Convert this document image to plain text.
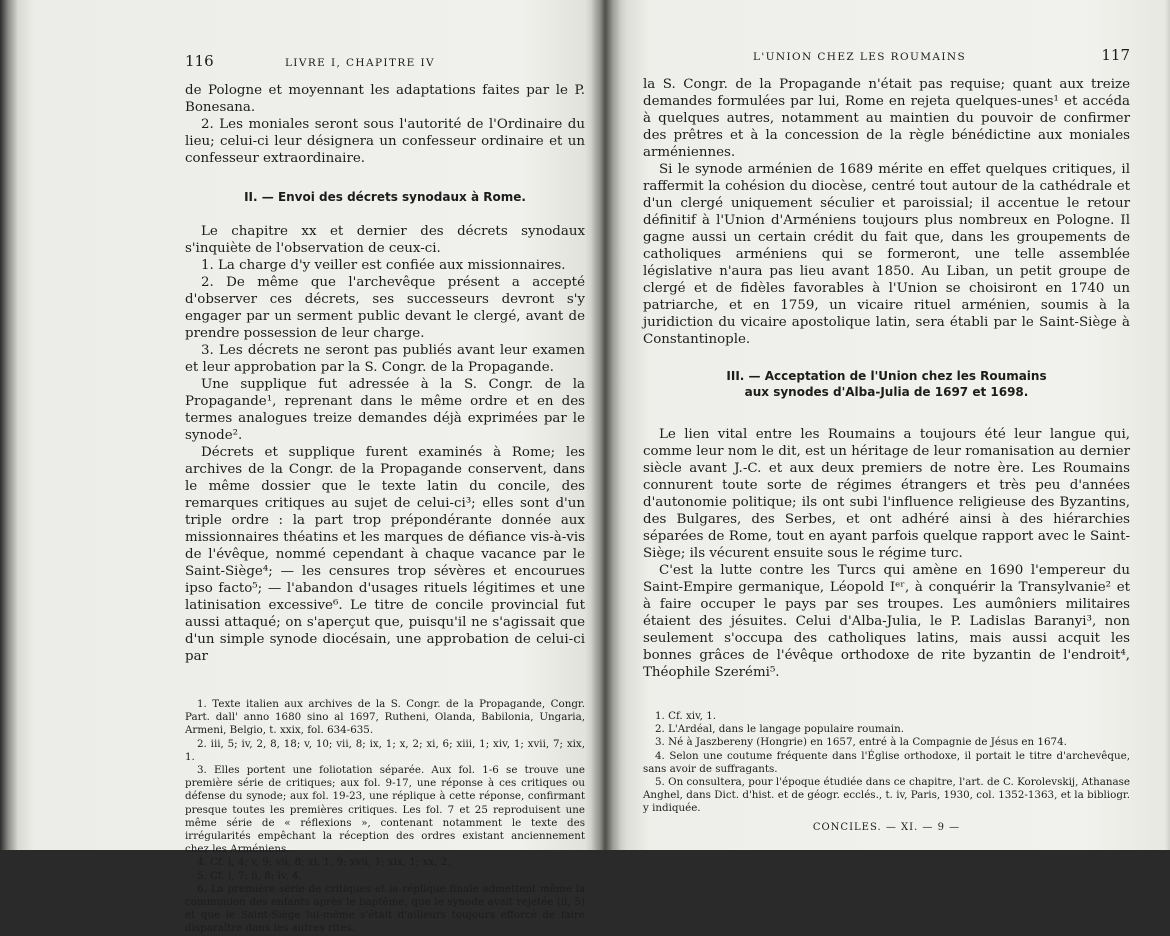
116	LIVRE I, CHAPITRE IV

de Pologne et moyennant les adaptations faites par le P. Bonesana.

2. Les moniales seront sous l'autorité de l'Ordinaire du lieu; celui-ci leur désignera un confesseur ordinaire et un confesseur extraordinaire.

II. — Envoi des décrets synodaux à Rome.

Le chapitre xx et dernier des décrets synodaux s'inquiète de l'observation de ceux-ci.

1. La charge d'y veiller est confiée aux missionnaires.

2. De même que l'archevêque présent a accepté d'observer ces décrets, ses successeurs devront s'y engager par un serment public devant le clergé, avant de prendre possession de leur charge.

3. Les décrets ne seront pas publiés avant leur examen et leur approbation par la S. Congr. de la Propagande.

Une supplique fut adressée à la S. Congr. de la Propagande¹, reprenant dans le même ordre et en des termes analogues treize demandes déjà exprimées par le synode².

Décrets et supplique furent examinés à Rome; les archives de la Congr. de la Propagande conservent, dans le même dossier que le texte latin du concile, des remarques critiques au sujet de celui-ci³; elles sont d'un triple ordre : la part trop prépondérante donnée aux missionnaires théatins et les marques de défiance vis-à-vis de l'évêque, nommé cependant à chaque vacance par le Saint-Siège⁴; — les censures trop sévères et encourues ipso facto⁵; — l'abandon d'usages rituels légitimes et une latinisation excessive⁶. Le titre de concile provincial fut aussi attaqué; on s'aperçut que, puisqu'il ne s'agissait que d'un simple synode diocésain, une approbation de celui-ci par

1. Texte italien aux archives de la S. Congr. de la Propagande, Congr. Part. dall' anno 1680 sino al 1697, Rutheni, Olanda, Babilonia, Ungaria, Armeni, Belgio, t. xxix, fol. 634-635.

2. iii, 5; iv, 2, 8, 18; v, 10; vii, 8; ix, 1; x, 2; xi, 6; xiii, 1; xiv, 1; xvii, 7; xix, 1.

3. Elles portent une foliotation séparée. Aux fol. 1-6 se trouve une première série de critiques; aux fol. 9-17, une réponse à ces critiques ou défense du synode; aux fol. 19-23, une réplique à cette réponse, confirmant presque toutes les premières critiques. Les fol. 7 et 25 reproduisent une même série de « réflexions », contenant notamment le texte des irrégularités empêchant la réception des ordres existant anciennement chez les Arméniens.

4. Cf. i, 4; v, 9; vii, 8; xi, 1, 9; xvii, 1; xix, 1; xx, 2.

5. Cf. i, 7; ii, 8; iv, 4.

6. La première série de critiques et la réplique finale admettent même la communion des enfants après le baptême, que le synode avait rejetée (ii, 5) et que le Saint-Siège lui-même s'était d'ailleurs toujours efforcé de faire disparaître dans les autres rites.

L'UNION CHEZ LES ROUMAINS	117

la S. Congr. de la Propagande n'était pas requise; quant aux treize demandes formulées par lui, Rome en rejeta quelques-unes¹ et accéda à quelques autres, notamment au maintien du pouvoir de confirmer des prêtres et à la concession de la règle bénédictine aux moniales arméniennes.

Si le synode arménien de 1689 mérite en effet quelques critiques, il raffermit la cohésion du diocèse, centré tout autour de la cathédrale et d'un clergé uniquement séculier et paroissial; il accentue le retour définitif à l'Union d'Arméniens toujours plus nombreux en Pologne. Il gagne aussi un certain crédit du fait que, dans les groupements de catholiques arméniens qui se formeront, une telle assemblée législative n'aura pas lieu avant 1850. Au Liban, un petit groupe de clergé et de fidèles favorables à l'Union se choisiront en 1740 un patriarche, et en 1759, un vicaire rituel arménien, soumis à la juridiction du vicaire apostolique latin, sera établi par le Saint-Siège à Constantinople.

III. — Acceptation de l'Union chez les Roumains
aux synodes d'Alba-Julia de 1697 et 1698.

Le lien vital entre les Roumains a toujours été leur langue qui, comme leur nom le dit, est un héritage de leur romanisation au dernier siècle avant J.-C. et aux deux premiers de notre ère. Les Roumains connurent toute sorte de régimes étrangers et très peu d'années d'autonomie politique; ils ont subi l'influence religieuse des Byzantins, des Bulgares, des Serbes, et ont adhéré ainsi à des hiérarchies séparées de Rome, tout en ayant parfois quelque rapport avec le Saint-Siège; ils vécurent ensuite sous le régime turc.

C'est la lutte contre les Turcs qui amène en 1690 l'empereur du Saint-Empire germanique, Léopold Iᵉʳ, à conquérir la Transylvanie² et à faire occuper le pays par ses troupes. Les aumôniers militaires étaient des jésuites. Celui d'Alba-Julia, le P. Ladislas Baranyi³, non seulement s'occupa des catholiques latins, mais aussi acquit les bonnes grâces de l'évêque orthodoxe de rite byzantin de l'endroit⁴, Théophile Szerémi⁵.

1. Cf. xiv, 1.

2. L'Ardéal, dans le langage populaire roumain.

3. Né à Jaszbereny (Hongrie) en 1657, entré à la Compagnie de Jésus en 1674.

4. Selon une coutume fréquente dans l'Église orthodoxe, il portait le titre d'archevêque, sans avoir de suffragants.

5. On consultera, pour l'époque étudiée dans ce chapitre, l'art. de C. Korolevskij, Athanase Anghel, dans Dict. d'hist. et de géogr. ecclés., t. iv, Paris, 1930, col. 1352-1363, et la bibliogr. y indiquée.

CONCILES. — XI. — 9 —
